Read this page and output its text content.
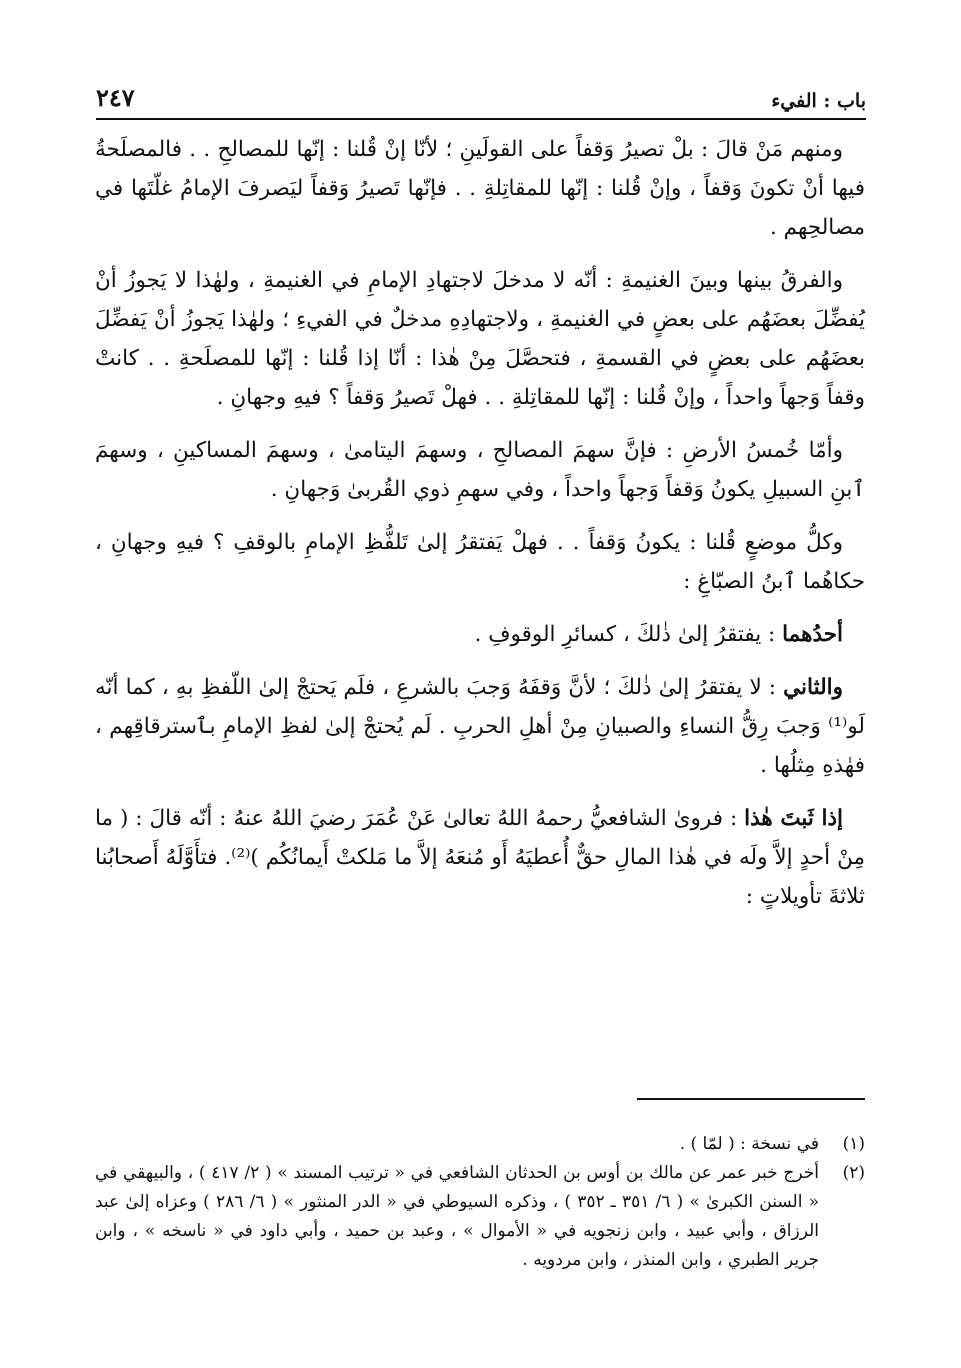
باب : الفيء
٢٤٧

ومنهم مَنْ قالَ : بلْ تصيرُ وَقفاً على القولَينِ ؛ لأنّا إنْ قُلنا : إنّها للمصالحِ . . فالمصلَحةُ فيها أنْ تكونَ وَقفاً ، وإنْ قُلنا : إنّها للمقاتِلةِ . . فإنّها تَصيرُ وَقفاً ليَصرفَ الإمامُ غلّتَها في مصالحِهم .

والفرقُ بينها وبينَ الغنيمةِ : أنّه لا مدخلَ لاجتهادِ الإمامِ في الغنيمةِ ، ولهٰذا لا يَجوزُ أنْ يُفضِّلَ بعضَهُم على بعضٍ في الغنيمةِ ، ولاجتهادِهِ مدخلٌ في الفيءِ ؛ ولهٰذا يَجوزُ أنْ يَفضِّلَ بعضَهُم على بعضٍ في القسمةِ ، فتحصَّلَ مِنْ هٰذا : أنّا إذا قُلنا : إنّها للمصلَحةِ . . كانتْ وقفاً وَجهاً واحداً ، وإنْ قُلنا : إنّها للمقاتِلةِ . . فهلْ تَصيرُ وَقفاً ؟ فيهِ وجهانِ .

وأمّا خُمسُ الأرضِ : فإنَّ سهمَ المصالحِ ، وسهمَ اليتامىٰ ، وسهمَ المساكينِ ، وسهمَ ٱبنِ السبيلِ يكونُ وَقفاً وَجهاً واحداً ، وفي سهمِ ذوي القُربىٰ وَجهانِ .

وكلُّ موضعٍ قُلنا : يكونُ وَقفاً . . فهلْ يَفتقرُ إلىٰ تَلفُّظِ الإمامِ بالوقفِ ؟ فيهِ وجهانِ ، حكاهُما ٱبنُ الصبّاغِ :

أحدُهما : يفتقرُ إلىٰ ذٰلكَ ، كسائرِ الوقوفِ .

والثاني : لا يفتقرُ إلىٰ ذٰلكَ ؛ لأنَّ وَقفَهُ وَجبَ بالشرعِ ، فلَم يَحتجْ إلىٰ اللّفظِ بهِ ، كما أنّه لَو⁽¹⁾ وَجبَ رِقُّ النساءِ والصبيانِ مِنْ أهلِ الحربِ . لَم يُحتجْ إلىٰ لفظِ الإمامِ بٱسترقاقِهم ، فهٰذهِ مِثلُها .

إذا ثَبتَ هٰذا : فروىٰ الشافعيُّ رحمهُ اللهُ تعالىٰ عَنْ عُمَرَ رضيَ اللهُ عنهُ : أنّه قالَ : ( ما مِنْ أحدٍ إلاَّ ولَه في هٰذا المالِ حقٌّ أُعطيَهُ أَو مُنعَهُ إلاَّ ما مَلكتْ أَيمانُكُم )⁽²⁾. فتأَوَّلَهُ أَصحابُنا ثلاثةَ تأويلاتٍ :

(١)
في نسخة : ( لمّا ) .

(٢)
أخرج خبر عمر عن مالك بن أوس بن الحدثان الشافعي في « ترتيب المسند » ( ٢/ ٤١٧ ) ، والبيهقي في « السنن الكبرىٰ » ( ٦/ ٣٥١ ـ ٣٥٢ ) ، وذكره السيوطي في « الدر المنثور » ( ٦/ ٢٨٦ ) وعزاه إلىٰ عبد الرزاق ، وأبي عبيد ، وابن زنجويه في « الأموال » ، وعبد بن حميد ، وأبي داود في « ناسخه » ، وابن جرير الطبري ، وابن المنذر ، وابن مردويه .
